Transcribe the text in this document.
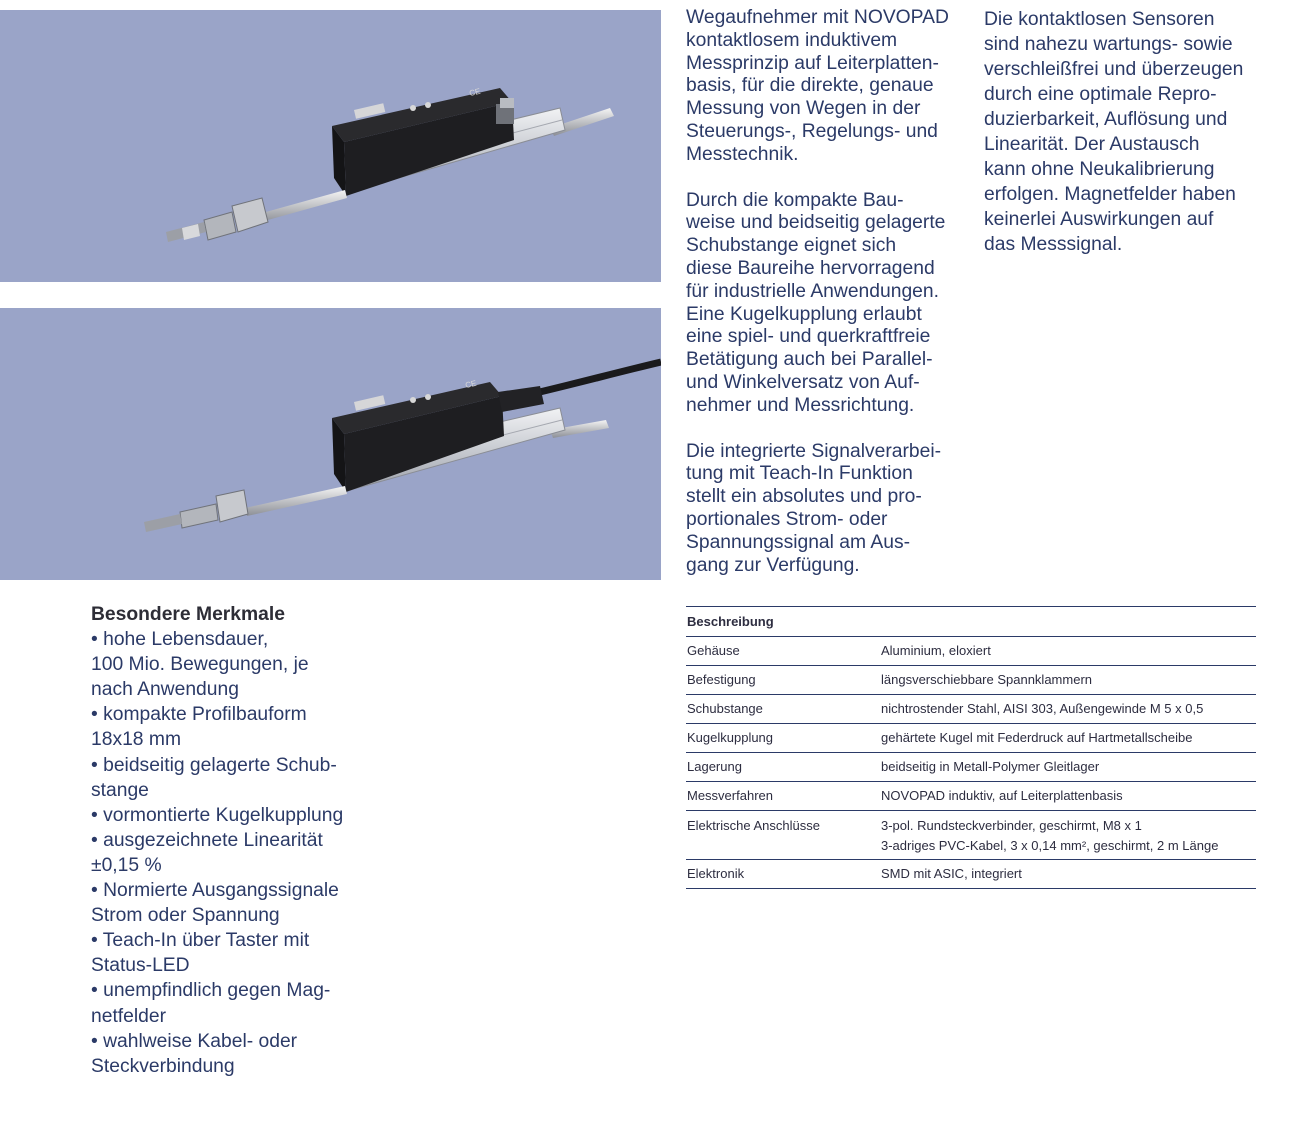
CE
CE

Wegaufnehmer mit NOVOPAD
kontaktlosem induktivem
Messprinzip auf Leiterplatten-
basis, für die direkte, genaue
Messung von Wegen in der
Steuerungs-, Regelungs- und
Messtechnik.

Durch die kompakte Bau-
weise und beidseitig gelagerte
Schubstange eignet sich
diese Baureihe hervorragend
für industrielle Anwendungen.
Eine Kugelkupplung erlaubt
eine spiel- und querkraftfreie
Betätigung auch bei Parallel-
und Winkelversatz von Auf-
nehmer und Messrichtung.

Die integrierte Signalverarbei-
tung mit Teach-In Funktion
stellt ein absolutes und pro-
portionales Strom- oder
Spannungssignal am Aus-
gang zur Verfügung.

Die kontaktlosen Sensoren
sind nahezu wartungs- sowie
verschleißfrei und überzeugen
durch eine optimale Repro-
duzierbarkeit, Auflösung und
Linearität. Der Austausch
kann ohne Neukalibrierung
erfolgen. Magnetfelder haben
keinerlei Auswirkungen auf
das Messsignal.

Besondere Merkmale
• hohe Lebensdauer,
100 Mio. Bewegungen, je
nach Anwendung
• kompakte Profilbauform
18x18 mm
• beidseitig gelagerte Schub-
stange
• vormontierte Kugelkupplung
• ausgezeichnete Linearität
±0,15 %
• Normierte Ausgangssignale
Strom oder Spannung
• Teach-In über Taster mit
Status-LED
• unempfindlich gegen Mag-
netfelder
• wahlweise Kabel- oder
Steckverbindung
Beschreibung
Gehäuse	Aluminium, eloxiert
Befestigung	längsverschiebbare Spannklammern
Schubstange	nichtrostender Stahl, AISI 303, Außengewinde M 5 x 0,5
Kugelkupplung	gehärtete Kugel mit Federdruck auf Hartmetallscheibe
Lagerung	beidseitig in Metall-Polymer Gleitlager
Messverfahren	NOVOPAD induktiv, auf Leiterplattenbasis
Elektrische Anschlüsse	3-pol. Rundsteckverbinder, geschirmt, M8 x 1
3-adriges PVC-Kabel, 3 x 0,14 mm², geschirmt, 2 m Länge
Elektronik	SMD mit ASIC, integriert
